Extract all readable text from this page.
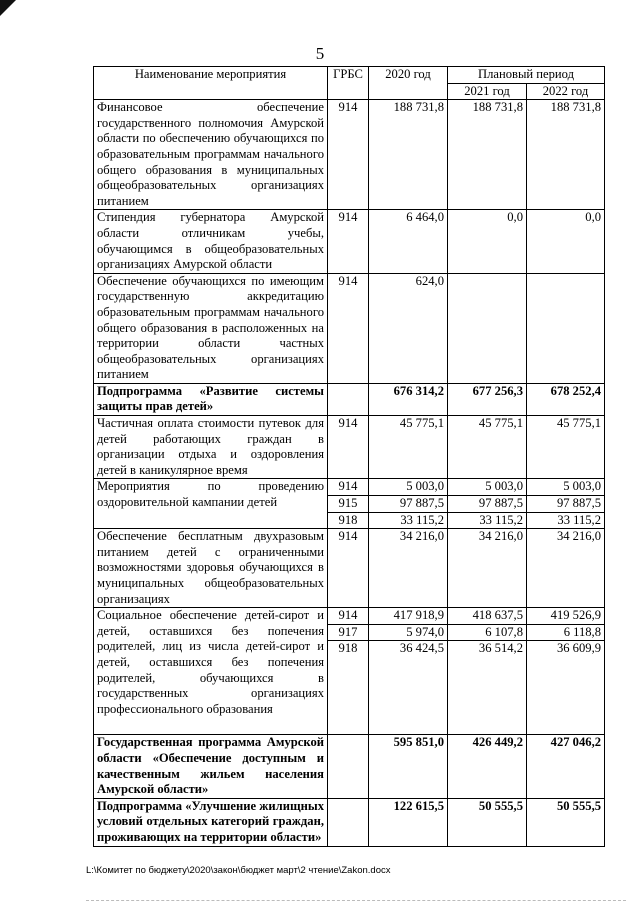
5
Наименование мероприятия	ГРБС	2020 год	Плановый период	
			2021 год	2022 год
Финансовое обеспечение государственного полномочия Амурской области по обеспечению обучающихся по образовательным программам начального общего образования в муниципальных общеобразовательных организациях питанием	914	188 731,8	188 731,8	188 731,8
Стипендия губернатора Амурской области отличникам учебы, обучающимся в общеобразовательных организациях Амурской области	914	6 464,0	0,0	0,0
Обеспечение обучающихся по имеющим государственную аккредитацию образовательным программам начального общего образования в расположенных на территории области частных общеобразовательных организациях питанием	914	624,0		
Подпрограмма «Развитие системы защиты прав детей»		676 314,2	677 256,3	678 252,4
Частичная оплата стоимости путевок для детей работающих граждан в организации отдыха и оздоровления детей в каникулярное время	914	45 775,1	45 775,1	45 775,1
Мероприятия по проведению оздоровительной кампании детей	914	5 003,0	5 003,0	5 003,0
	915	97 887,5	97 887,5	97 887,5
	918	33 115,2	33 115,2	33 115,2
Обеспечение бесплатным двухразовым питанием детей с ограниченными возможностями здоровья обучающихся в муниципальных общеобразовательных организациях	914	34 216,0	34 216,0	34 216,0
Социальное обеспечение детей-сирот и детей, оставшихся без попечения родителей, лиц из числа детей-сирот и детей, оставшихся без попечения родителей, обучающихся в государственных организациях профессионального образования	914	417 918,9	418 637,5	419 526,9
	917	5 974,0	6 107,8	6 118,8
	918	36 424,5	36 514,2	36 609,9
Государственная программа Амурской области «Обеспечение доступным и качественным жильем населения Амурской области»		595 851,0	426 449,2	427 046,2
Подпрограмма «Улучшение жилищных условий отдельных категорий граждан, проживающих на территории области»		122 615,5	50 555,5	50 555,5
L:\Комитет по бюджету\2020\закон\бюджет март\2 чтение\Zakon.docx
